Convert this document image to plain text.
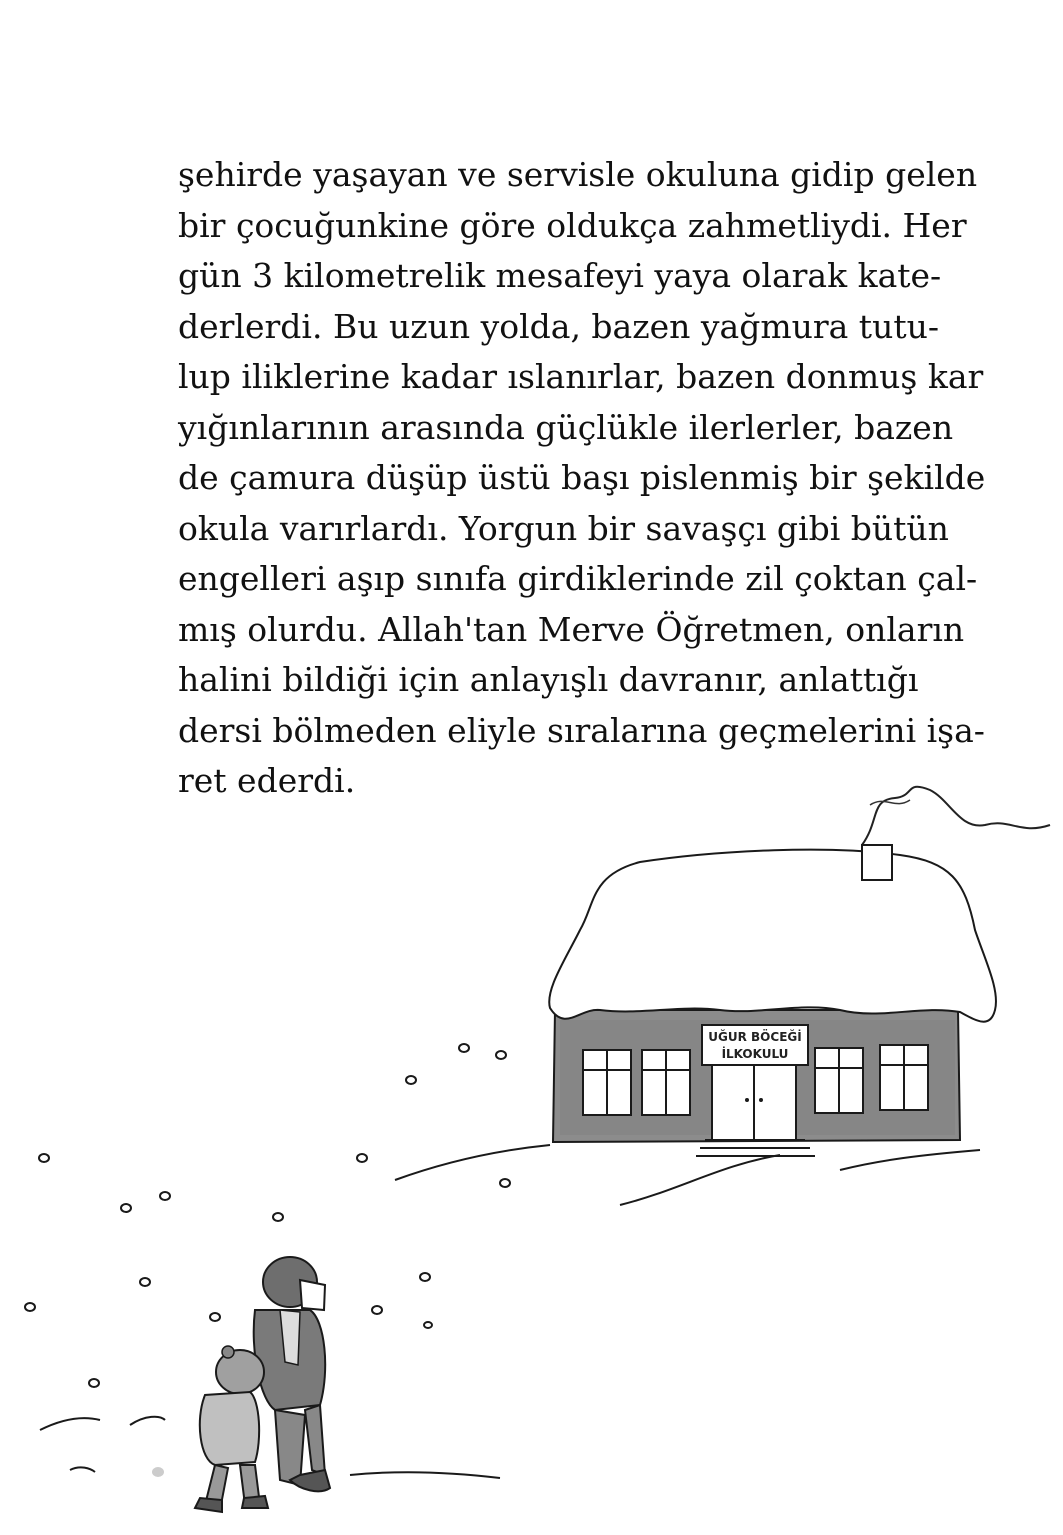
şehirde yaşayan ve servisle okuluna gidip gelen
bir çocuğunkine göre oldukça zahmetliydi. Her
gün 3 kilometrelik mesafeyi yaya olarak kate-
derlerdi. Bu uzun yolda, bazen yağmura tutu-
lup iliklerine kadar ıslanırlar, bazen donmuş kar
yığınlarının arasında güçlükle ilerlerler, bazen
de çamura düşüp üstü başı pislenmiş bir şekilde
okula varırlardı. Yorgun bir savaşçı gibi bütün
engelleri aşıp sınıfa girdiklerinde zil çoktan çal-
mış olurdu. Allah'tan Merve Öğretmen, onların
halini bildiği için anlayışlı davranır, anlattığı
dersi bölmeden eliyle sıralarına geçmelerini işa-
ret ederdi.
UĞUR BÖCEĞİ
İLKOKULU
